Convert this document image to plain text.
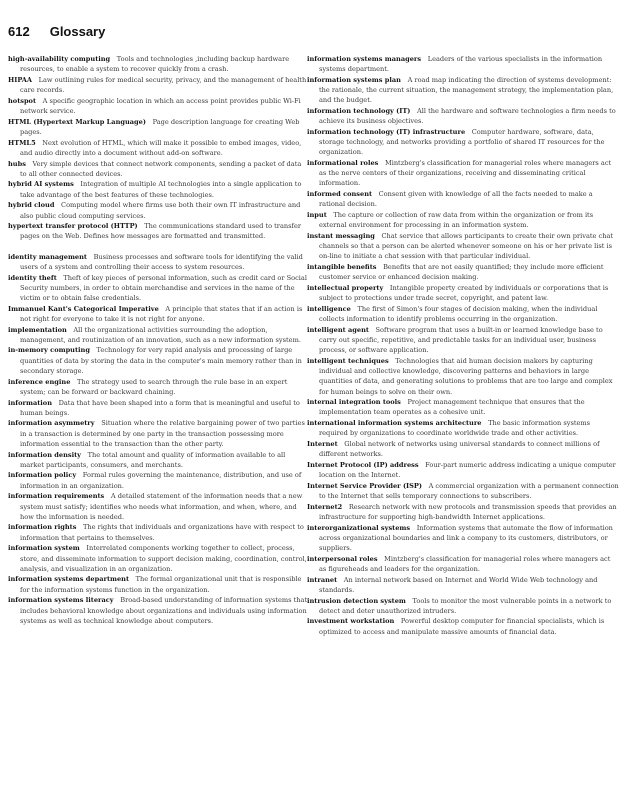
612 Glossary

high-availability computing   Tools and technologies ,including backup hardware resources, to enable a system to recover quickly from a crash.

HIPAA   Law outlining rules for medical security, privacy, and the management of health care records.

hotspot   A specific geographic location in which an access point provides public Wi-Fi network service.

HTML (Hypertext Markup Language)   Page description language for creating Web pages.

HTML5   Next evolution of HTML, which will make it possible to embed images, video, and audio directly into a document without add-on software.

hubs   Very simple devices that connect network components, sending a packet of data to all other connected devices.

hybrid AI systems   Integration of multiple AI technologies into a single application to take advantage of the best features of these technologies.

hybrid cloud   Computing model where firms use both their own IT infrastructure and also public cloud computing services.

hypertext transfer protocol (HTTP)   The communications standard used to transfer pages on the Web. Defines how messages are formatted and transmitted.

identity management   Business processes and software tools for identifying the valid users of a system and controlling their access to system resources.

identity theft   Theft of key pieces of personal information, such as credit card or Social Security numbers, in order to obtain merchandise and services in the name of the victim or to obtain false credentials.

Immanuel Kant's Categorical Imperative   A principle that states that if an action is not right for everyone to take it is not right for anyone.

implementation   All the organizational activities surrounding the adoption, management, and routinization of an innovation, such as a new information system.

in-memory computing   Technology for very rapid analysis and processing of large quantities of data by storing the data in the computer's main memory rather than in secondary storage.

inference engine   The strategy used to search through the rule base in an expert system; can be forward or backward chaining.

information   Data that have been shaped into a form that is meaningful and useful to human beings.

information asymmetry   Situation where the relative bargaining power of two parties in a transaction is determined by one party in the transaction possessing more information essential to the transaction than the other party.

information density   The total amount and quality of information available to all market participants, consumers, and merchants.

information policy   Formal rules governing the maintenance, distribution, and use of information in an organization.

information requirements   A detailed statement of the information needs that a new system must satisfy; identifies who needs what information, and when, where, and how the information is needed.

information rights   The rights that individuals and organizations have with respect to information that pertains to themselves.

information system   Interrelated components working together to collect, process, store, and disseminate information to support decision making, coordination, control, analysis, and visualization in an organization.

information systems department   The formal organizational unit that is responsible for the information systems function in the organization.

information systems literacy   Broad-based understanding of information systems that includes behavioral knowledge about organizations and individuals using information systems as well as technical knowledge about computers.

information systems managers   Leaders of the various specialists in the information systems department.

information systems plan   A road map indicating the direction of systems development: the rationale, the current situation, the management strategy, the implementation plan, and the budget.

information technology (IT)   All the hardware and software technologies a firm needs to achieve its business objectives.

information technology (IT) infrastructure   Computer hardware, software, data, storage technology, and networks providing a portfolio of shared IT resources for the organization.

informational roles   Mintzberg's classification for managerial roles where managers act as the nerve centers of their organizations, receiving and disseminating critical information.

informed consent   Consent given with knowledge of all the facts needed to make a rational decision.

input   The capture or collection of raw data from within the organization or from its external environment for processing in an information system.

instant messaging   Chat service that allows participants to create their own private chat channels so that a person can be alerted whenever someone on his or her private list is on-line to initiate a chat session with that particular individual.

intangible benefits   Benefits that are not easily quantified; they include more efficient customer service or enhanced decision making.

intellectual property   Intangible property created by individuals or corporations that is subject to protections under trade secret, copyright, and patent law.

intelligence   The first of Simon's four stages of decision making, when the individual collects information to identify problems occurring in the organization.

intelligent agent   Software program that uses a built-in or learned knowledge base to carry out specific, repetitive, and predictable tasks for an individual user, business process, or software application.

intelligent techniques   Technologies that aid human decision makers by capturing individual and collective knowledge, discovering patterns and behaviors in large quantities of data, and generating solutions to problems that are too large and complex for human beings to solve on their own.

internal integration tools   Project management technique that ensures that the implementation team operates as a cohesive unit.

international information systems architecture   The basic information systems required by organizations to coordinate worldwide trade and other activities.

Internet   Global network of networks using universal standards to connect millions of different networks.

Internet Protocol (IP) address   Four-part numeric address indicating a unique computer location on the Internet.

Internet Service Provider (ISP)   A commercial organization with a permanent connection to the Internet that sells temporary connections to subscribers.

Internet2   Research network with new protocols and transmission speeds that provides an infrastructure for supporting high-bandwidth Internet applications.

interorganizational systems   Information systems that automate the flow of information across organizational boundaries and link a company to its customers, distributors, or suppliers.

interpersonal roles   Mintzberg's classification for managerial roles where managers act as figureheads and leaders for the organization.

intranet   An internal network based on Internet and World Wide Web technology and standards.

intrusion detection system   Tools to monitor the most vulnerable points in a network to detect and deter unauthorized intruders.

investment workstation   Powerful desktop computer for financial specialists, which is optimized to access and manipulate massive amounts of financial data.
